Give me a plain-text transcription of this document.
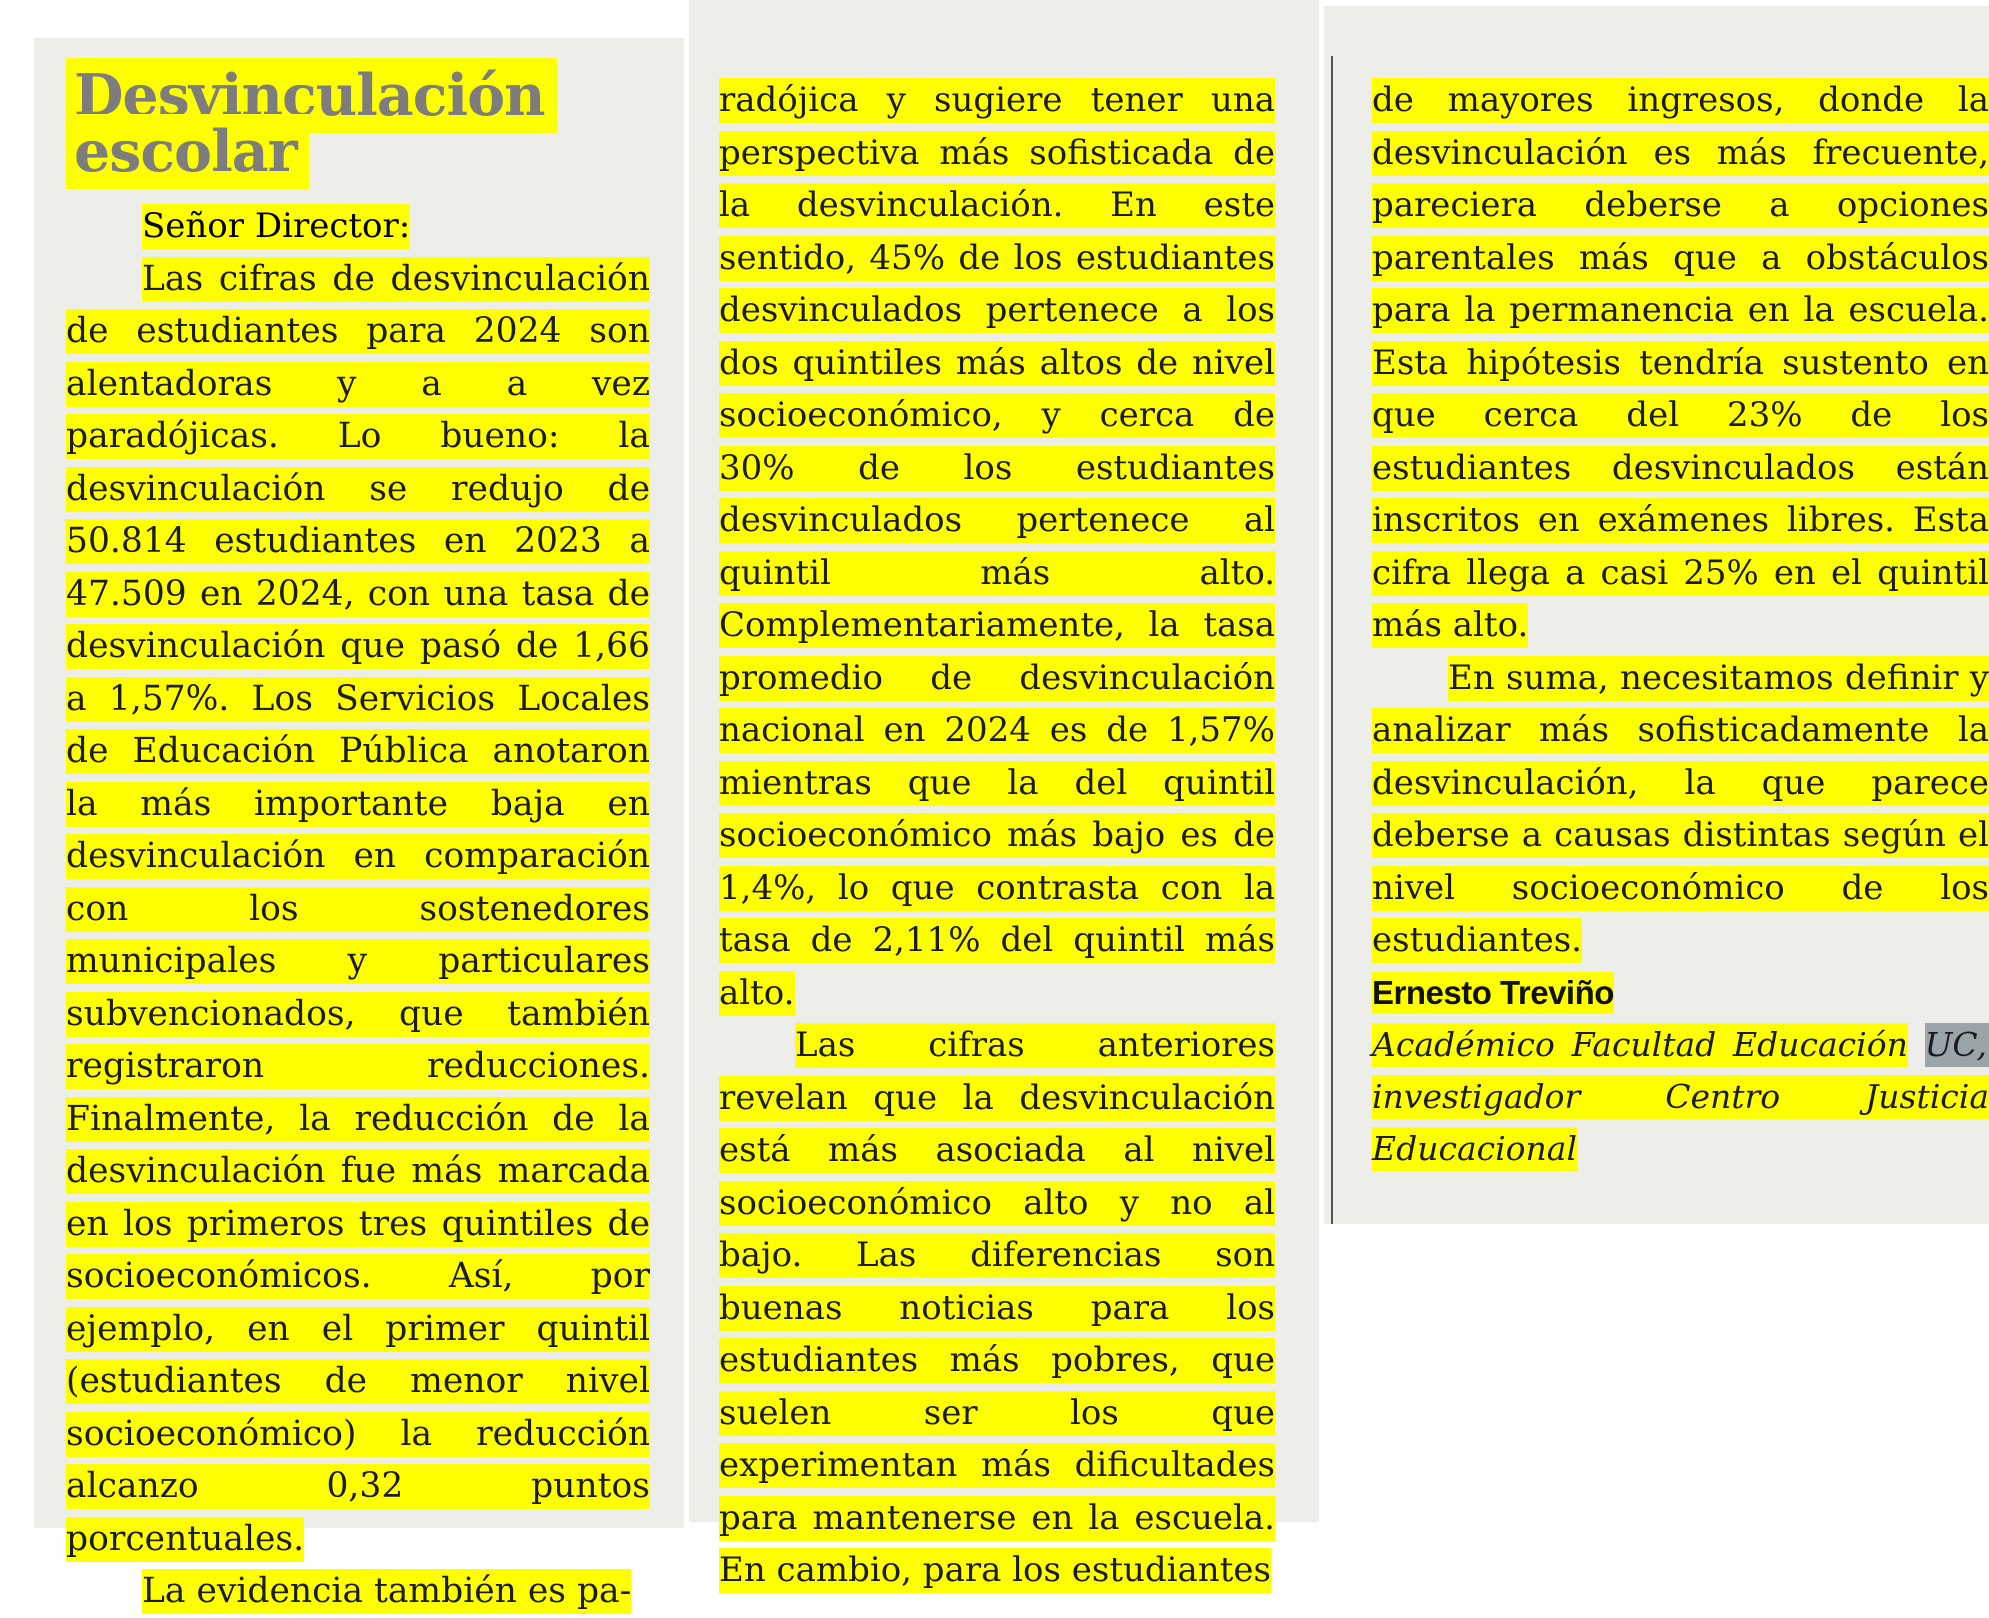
Desvinculación escolar

Señor Director:

Las cifras de desvinculación de estudiantes para 2024 son alentadoras y a a vez paradójicas. Lo bueno: la desvinculación se redujo de 50.814 estudiantes en 2023 a 47.509 en 2024, con una tasa de desvinculación que pasó de 1,66 a 1,57%. Los Servicios Locales de Educación Pública anotaron la más importante baja en desvinculación en comparación con los sostenedores municipales y particulares subvencionados, que también registraron reducciones. Finalmente, la reducción de la desvinculación fue más marcada en los primeros tres quintiles de socioeconómicos. Así, por ejemplo, en el primer quintil (estudiantes de menor nivel socioeconómico) la reducción alcanzo 0,32 puntos porcentuales.

La evidencia también es pa-

radójica y sugiere tener una perspectiva más sofisticada de la desvinculación. En este sentido, 45% de los estudiantes desvinculados pertenece a los dos quintiles más altos de nivel socioeconómico, y cerca de 30% de los estudiantes desvinculados pertenece al quintil más alto. Complementariamente, la tasa promedio de desvinculación nacional en 2024 es de 1,57% mientras que la del quintil socioeconómico más bajo es de 1,4%, lo que contrasta con la tasa de 2,11% del quintil más alto.

Las cifras anteriores revelan que la desvinculación está más asociada al nivel socioeconómico alto y no al bajo. Las diferencias son buenas noticias para los estudiantes más pobres, que suelen ser los que experimentan más dificultades para mantenerse en la escuela. En cambio, para los estudiantes

de mayores ingresos, donde la desvinculación es más frecuente, pareciera deberse a opciones parentales más que a obstáculos para la permanencia en la escuela. Esta hipótesis tendría sustento en que cerca del 23% de los estudiantes desvinculados están inscritos en exámenes libres. Esta cifra llega a casi 25% en el quintil más alto.

En suma, necesitamos definir y analizar más sofisticadamente la desvinculación, la que parece deberse a causas distintas según el nivel socioeconómico de los estudiantes.

Ernesto Treviño

Académico Facultad Educación UC, investigador Centro Justicia Educacional
